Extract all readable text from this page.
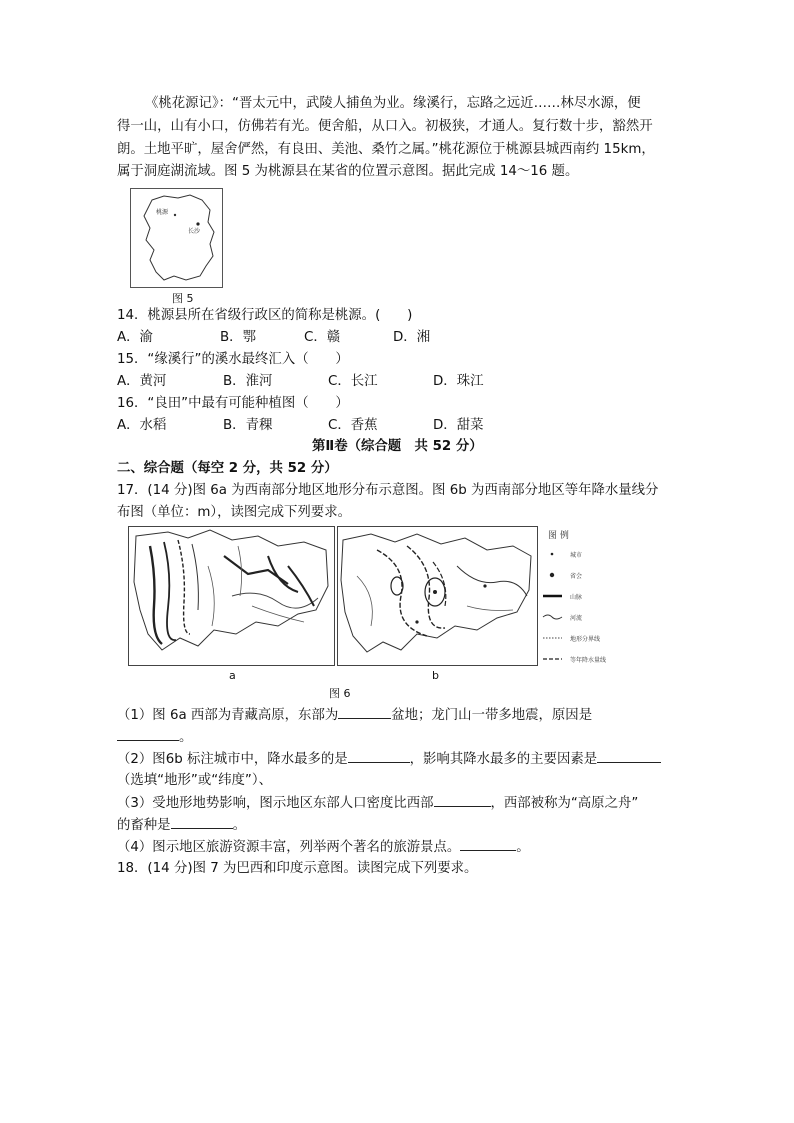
《桃花源记》：“晋太元中，武陵人捕鱼为业。缘溪行，忘路之远近……林尽水源，便
得一山，山有小口，仿佛若有光。便舍船，从口入。初极狭，才通人。复行数十步，豁然开
朗。土地平旷，屋舍俨然，有良田、美池、桑竹之属。”桃花源位于桃源县城西南约 15km，
属于洞庭湖流域。图 5 为桃源县在某省的位置示意图。据此完成 14～16 题。
桃源
长沙
图 5
14．桃源县所在省级行政区的简称是桃源。(　　)
A．渝	B．鄂	C．赣	D．湘
15．“缘溪行”的溪水最终汇入（　　）
A．黄河	B．淮河	C．长江	D．珠江
16．“良田”中最有可能种植图（　　）
A．水稻	B．青稞	C．香蕉	D．甜菜
第Ⅱ卷（综合题　共 52 分）
二、综合题（每空 2 分，共 52 分）
17．(14 分)图 6a 为西南部分地区地形分布示意图。图 6b 为西南部分地区等年降水量线分
布图（单位：m），读图完成下列要求。
图 例
城市
省会
山脉
河流
地形分界线
等年降水量线
a	b
图 6
（1）图 6a 西部为青藏高原，东部为	盆地；龙门山一带多地震，原因是
。
（2）图6b 标注城市中，降水最多的是	，影响其降水最多的主要因素是
（选填“地形”或“纬度”）、
（3）受地形地势影响，图示地区东部人口密度比西部	，西部被称为“高原之舟”
的畜种是	。
（4）图示地区旅游资源丰富，列举两个著名的旅游景点。	。
18．(14 分)图 7 为巴西和印度示意图。读图完成下列要求。
